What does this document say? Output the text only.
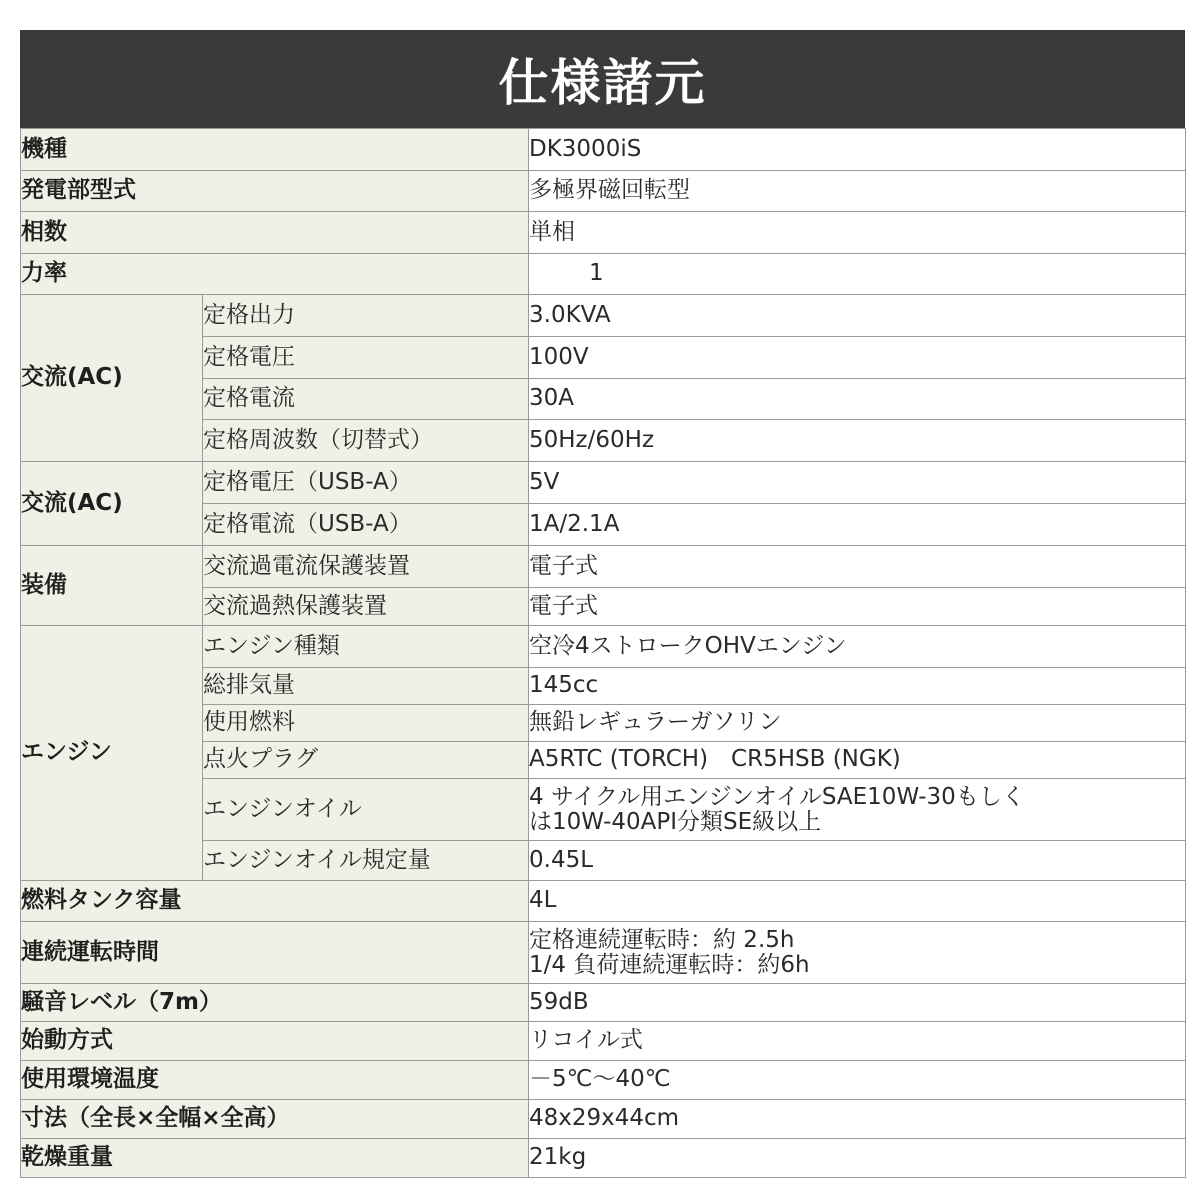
仕様諸元
機種		DK3000iS
発電部型式		多極界磁回転型
相数		単相
力率		1
交流(AC)	定格出力	3.0KVA
	定格電圧	100V
	定格電流	30A
	定格周波数（切替式）	50Hz/60Hz
交流(AC)	定格電圧（USB-A）	5V
	定格電流（USB-A）	1A/2.1A
装備	交流過電流保護装置	電子式
	交流過熱保護装置	電子式
エンジン	エンジン種類	空冷4ストロークOHVエンジン
	総排気量	145cc
	使用燃料	無鉛レギュラーガソリン
	点火プラグ	A5RTC (TORCH)　CR5HSB (NGK)
	エンジンオイル	4 サイクル用エンジンオイルSAE10W-30もしく
は10W-40API分類SE級以上

	エンジンオイル規定量	0.45L
燃料タンク容量		4L
連続運転時間		定格連続運転時：約 2.5h
1/4 負荷連続運転時：約6h

騒音レベル（7m）		59dB
始動方式		リコイル式
使用環境温度		－5℃～40℃
寸法（全長×全幅×全高）		48x29x44cm
乾燥重量		21kg
